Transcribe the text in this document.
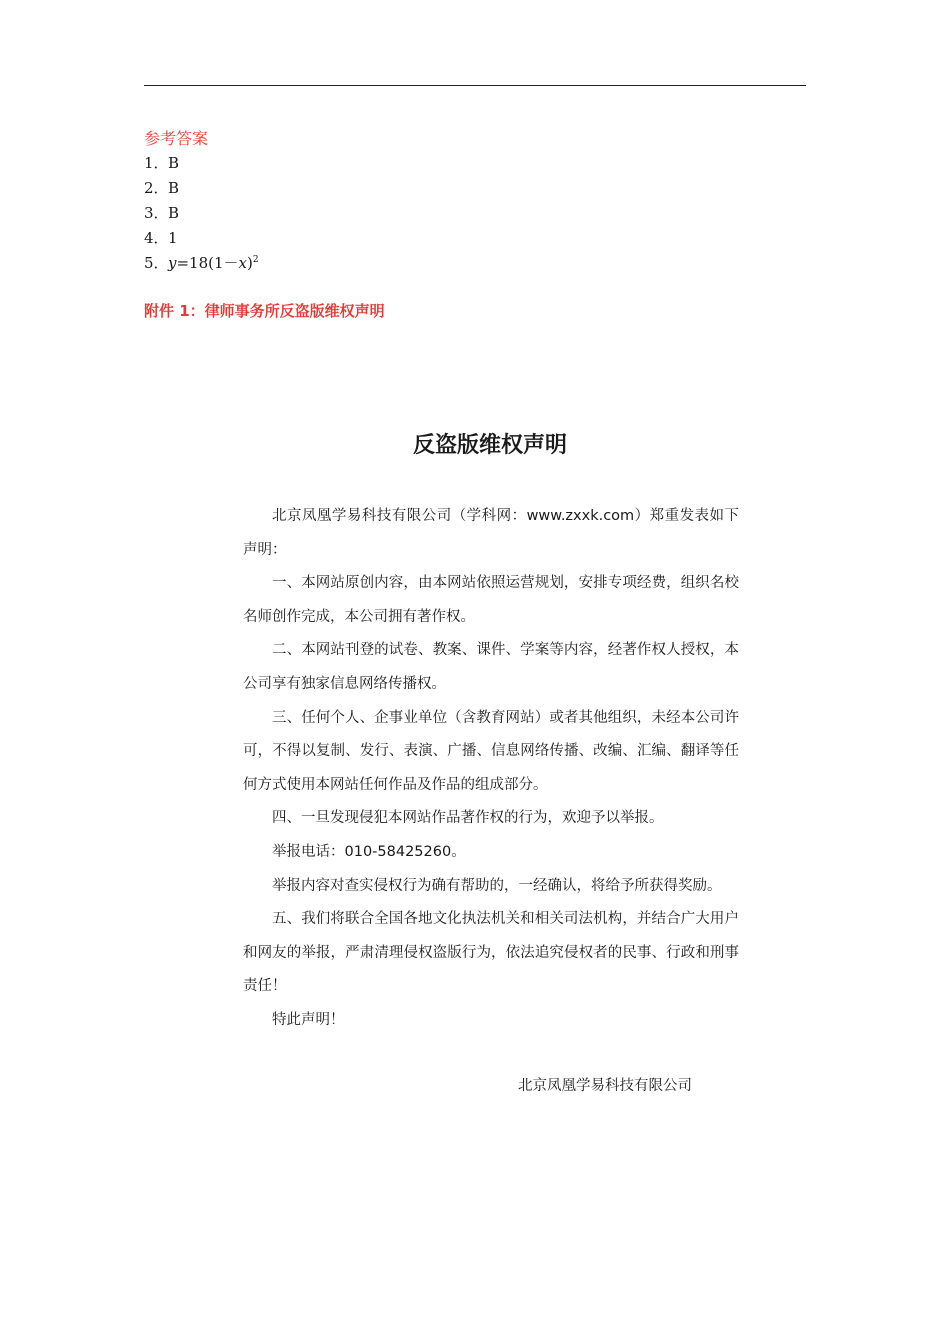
参考答案
1．B
2．B
3．B
4．1
5．$y=18(1-x)^2$
附件 1：律师事务所反盗版维权声明
反盗版维权声明

北京凤凰学易科技有限公司（学科网：www.zxxk.com）郑重发表如下声明：

一、本网站原创内容，由本网站依照运营规划，安排专项经费，组织名校名师创作完成，本公司拥有著作权。

二、本网站刊登的试卷、教案、课件、学案等内容，经著作权人授权，本公司享有独家信息网络传播权。

三、任何个人、企事业单位（含教育网站）或者其他组织，未经本公司许可，不得以复制、发行、表演、广播、信息网络传播、改编、汇编、翻译等任何方式使用本网站任何作品及作品的组成部分。

四、一旦发现侵犯本网站作品著作权的行为，欢迎予以举报。

举报电话：010-58425260。

举报内容对查实侵权行为确有帮助的，一经确认，将给予所获得奖励。

五、我们将联合全国各地文化执法机关和相关司法机构，并结合广大用户和网友的举报，严肃清理侵权盗版行为，依法追究侵权者的民事、行政和刑事责任！

特此声明！

北京凤凰学易科技有限公司
